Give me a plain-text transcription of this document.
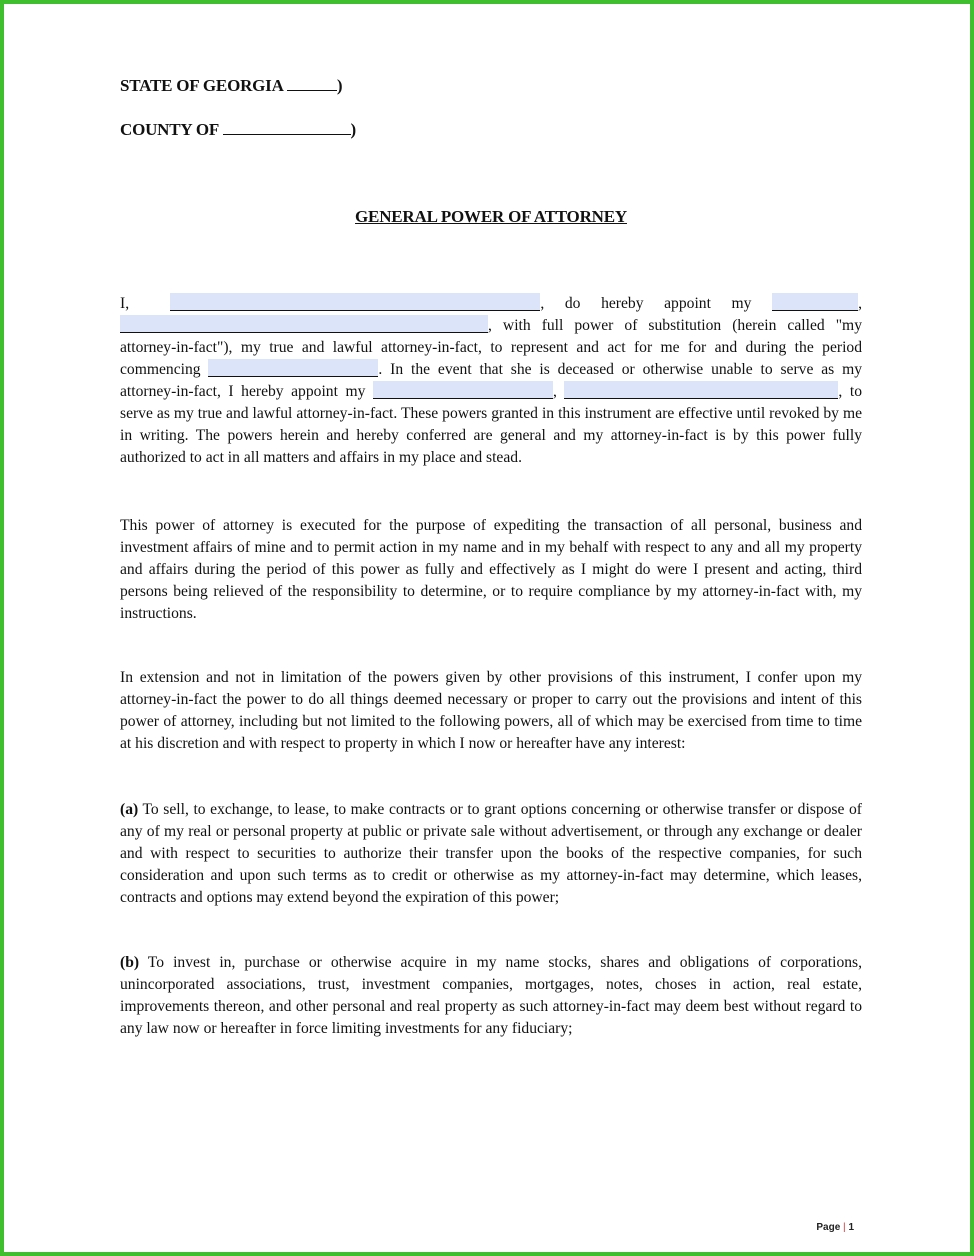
STATE OF GEORGIA	)
COUNTY OF	)
GENERAL POWER OF ATTORNEY

I,	, do hereby appoint my	, , with full power of substitution (herein called "my attorney-in-fact"), my true and lawful attorney-in-fact, to represent and act for me for and during the period commencing	. In the event that she is deceased or otherwise unable to serve as my attorney-in-fact, I hereby appoint my	,	, to serve as my true and lawful attorney-in-fact. These powers granted in this instrument are effective until revoked by me in writing. The powers herein and hereby conferred are general and my attorney-in-fact is by this power fully authorized to act in all matters and affairs in my place and stead.

This power of attorney is executed for the purpose of expediting the transaction of all personal, business and investment affairs of mine and to permit action in my name and in my behalf with respect to any and all my property and affairs during the period of this power as fully and effectively as I might do were I present and acting, third persons being relieved of the responsibility to determine, or to require compliance by my attorney-in-fact with, my instructions.

In extension and not in limitation of the powers given by other provisions of this instrument, I confer upon my attorney-in-fact the power to do all things deemed necessary or proper to carry out the provisions and intent of this power of attorney, including but not limited to the following powers, all of which may be exercised from time to time at his discretion and with respect to property in which I now or hereafter have any interest:

(a) To sell, to exchange, to lease, to make contracts or to grant options concerning or otherwise transfer or dispose of any of my real or personal property at public or private sale without advertisement, or through any exchange or dealer and with respect to securities to authorize their transfer upon the books of the respective companies, for such consideration and upon such terms as to credit or otherwise as my attorney-in-fact may determine, which leases, contracts and options may extend beyond the expiration of this power;

(b) To invest in, purchase or otherwise acquire in my name stocks, shares and obligations of corporations, unincorporated associations, trust, investment companies, mortgages, notes, choses in action, real estate, improvements thereon, and other personal and real property as such attorney-in-fact may deem best without regard to any law now or hereafter in force limiting investments for any fiduciary;

Page | 1
